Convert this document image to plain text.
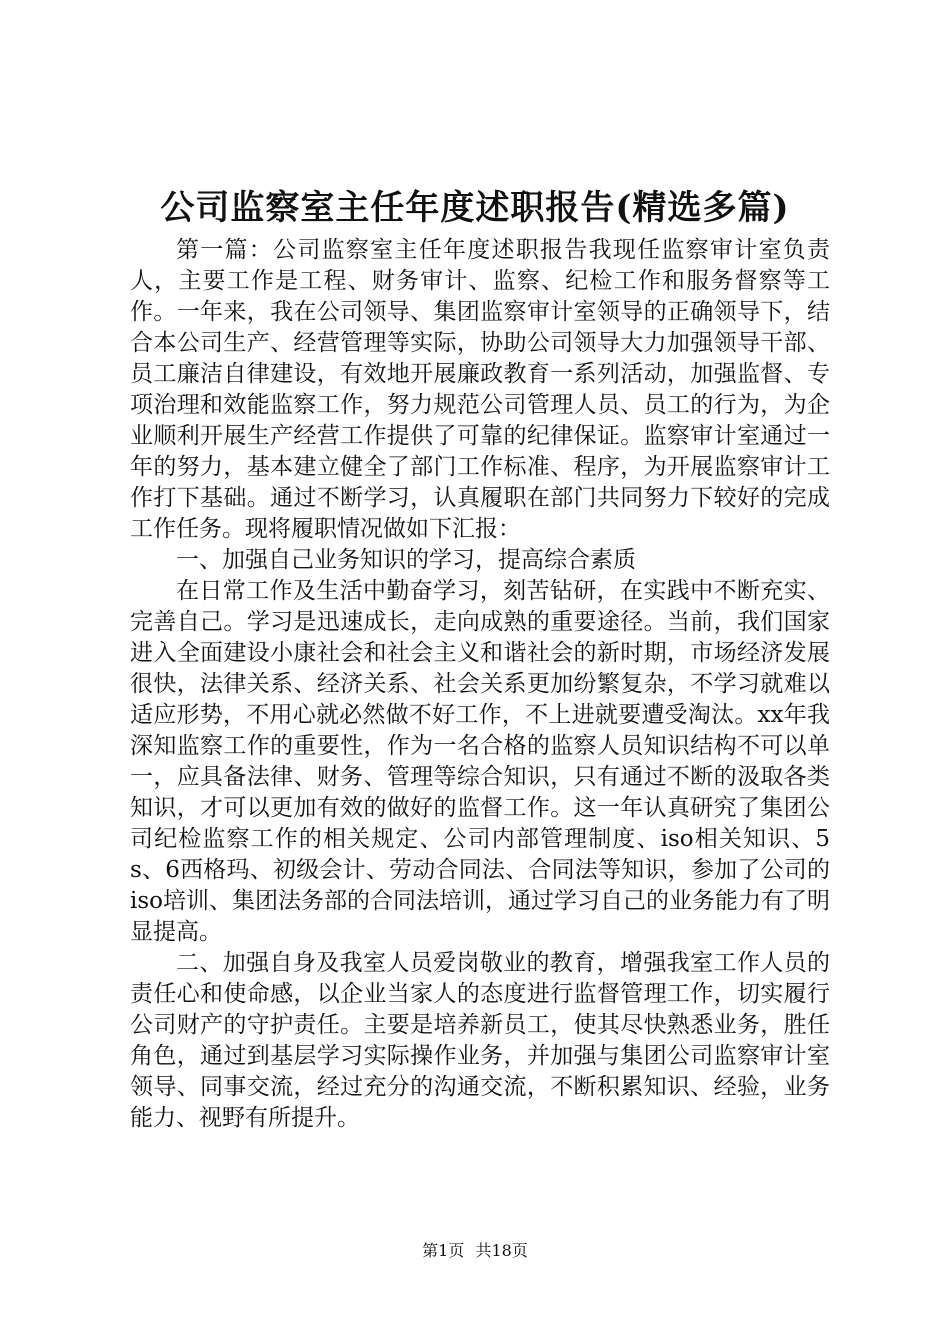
公司监察室主任年度述职报告(精选多篇)

第一篇：公司监察室主任年度述职报告我现任监察审计室负责人，主要工作是工程、财务审计、监察、纪检工作和服务督察等工作。一年来，我在公司领导、集团监察审计室领导的正确领导下，结合本公司生产、经营管理等实际，协助公司领导大力加强领导干部、员工廉洁自律建设，有效地开展廉政教育一系列活动，加强监督、专项治理和效能监察工作，努力规范公司管理人员、员工的行为，为企业顺利开展生产经营工作提供了可靠的纪律保证。监察审计室通过一年的努力，基本建立健全了部门工作标准、程序，为开展监察审计工作打下基础。通过不断学习，认真履职在部门共同努力下较好的完成工作任务。现将履职情况做如下汇报：

一、加强自己业务知识的学习，提高综合素质

在日常工作及生活中勤奋学习，刻苦钻研，在实践中不断充实、完善自己。学习是迅速成长，走向成熟的重要途径。当前，我们国家进入全面建设小康社会和社会主义和谐社会的新时期，市场经济发展很快，法律关系、经济关系、社会关系更加纷繁复杂，不学习就难以适应形势，不用心就必然做不好工作，不上进就要遭受淘汰。xx年我深知监察工作的重要性，作为一名合格的监察人员知识结构不可以单一，应具备法律、财务、管理等综合知识，只有通过不断的汲取各类知识，才可以更加有效的做好的监督工作。这一年认真研究了集团公司纪检监察工作的相关规定、公司内部管理制度、iso相关知识、5s、6西格玛、初级会计、劳动合同法、合同法等知识，参加了公司的iso培训、集团法务部的合同法培训，通过学习自己的业务能力有了明显提高。

二、加强自身及我室人员爱岗敬业的教育，增强我室工作人员的责任心和使命感，以企业当家人的态度进行监督管理工作，切实履行公司财产的守护责任。主要是培养新员工，使其尽快熟悉业务，胜任角色，通过到基层学习实际操作业务，并加强与集团公司监察审计室领导、同事交流，经过充分的沟通交流，不断积累知识、经验，业务能力、视野有所提升。

第1页 共18页
